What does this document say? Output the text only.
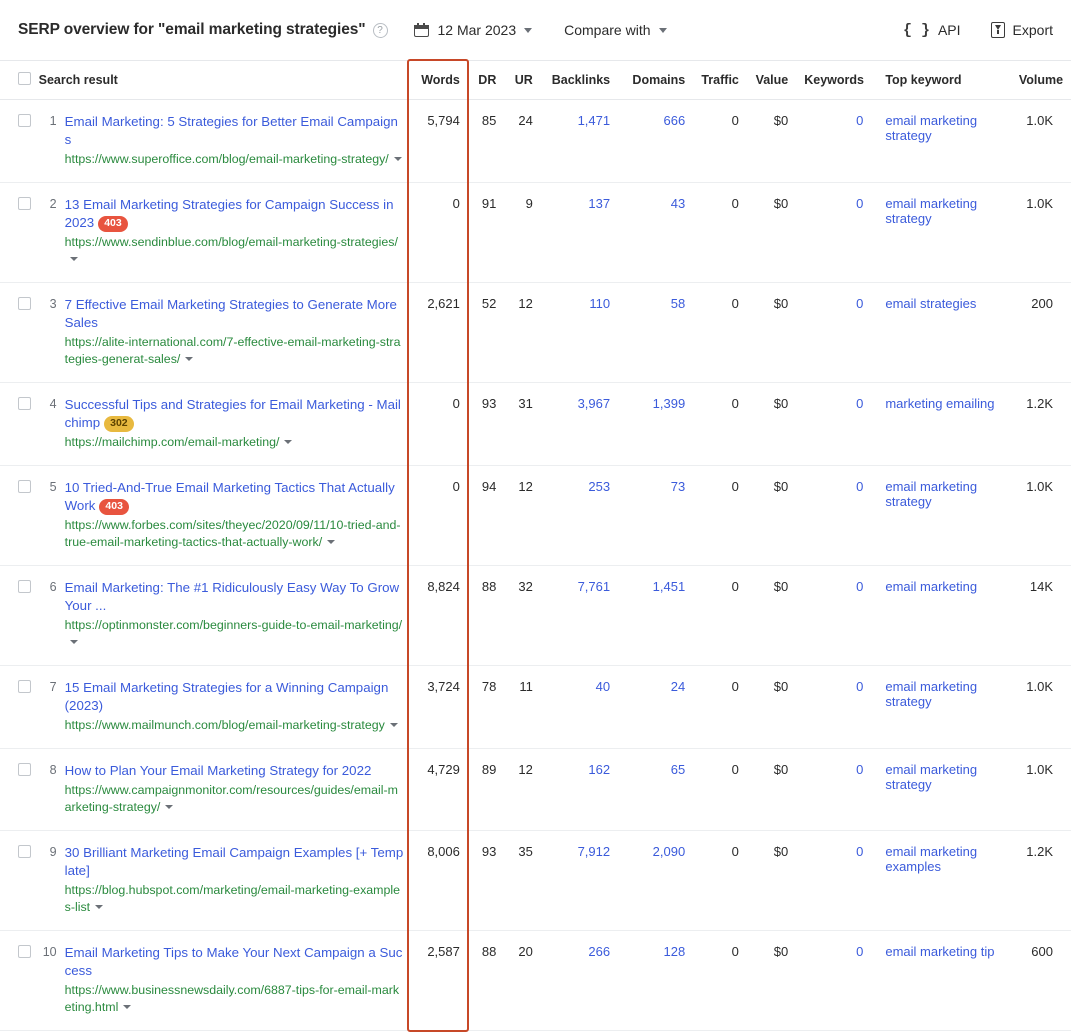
SERP overview for "email marketing strategies"	?	12 Mar 2023	Compare with	{ } API	Export
	Search result	Words	DR	UR	Backlinks	Domains	Traffic	Value	Keywords	Top keyword	Volume

	1 Email Marketing: 5 Strategies for Better Email Campaigns
https://www.superoffice.com/blog/email-marketing-strategy/	5,794	85	24	1,471	666	0	$0	0	email marketing strategy	1.0K

	2 13 Email Marketing Strategies for Campaign Success in 2023 403
https://www.sendinblue.com/blog/email-marketing-strategies/	0	91	9	137	43	0	$0	0	email marketing strategy	1.0K

	3 7 Effective Email Marketing Strategies to Generate More Sales
https://alite-international.com/7-effective-email-marketing-strategies-generat-sales/	2,621	52	12	110	58	0	$0	0	email strategies	200

	4 Successful Tips and Strategies for Email Marketing - Mailchimp 302
https://mailchimp.com/email-marketing/	0	93	31	3,967	1,399	0	$0	0	marketing emailing	1.2K

	5 10 Tried-And-True Email Marketing Tactics That Actually Work 403
https://www.forbes.com/sites/theyec/2020/09/11/10-tried-and-true-email-marketing-tactics-that-actually-work/	0	94	12	253	73	0	$0	0	email marketing strategy	1.0K

	6 Email Marketing: The #1 Ridiculously Easy Way To Grow Your ...
https://optinmonster.com/beginners-guide-to-email-marketing/	8,824	88	32	7,761	1,451	0	$0	0	email marketing	14K

	7 15 Email Marketing Strategies for a Winning Campaign (2023)
https://www.mailmunch.com/blog/email-marketing-strategy	3,724	78	11	40	24	0	$0	0	email marketing strategy	1.0K

	8 How to Plan Your Email Marketing Strategy for 2022
https://www.campaignmonitor.com/resources/guides/email-marketing-strategy/	4,729	89	12	162	65	0	$0	0	email marketing strategy	1.0K

	9 30 Brilliant Marketing Email Campaign Examples [+ Template]
https://blog.hubspot.com/marketing/email-marketing-examples-list	8,006	93	35	7,912	2,090	0	$0	0	email marketing examples	1.2K

	10 Email Marketing Tips to Make Your Next Campaign a Success
https://www.businessnewsdaily.com/6887-tips-for-email-marketing.html	2,587	88	20	266	128	0	$0	0	email marketing tip	600
